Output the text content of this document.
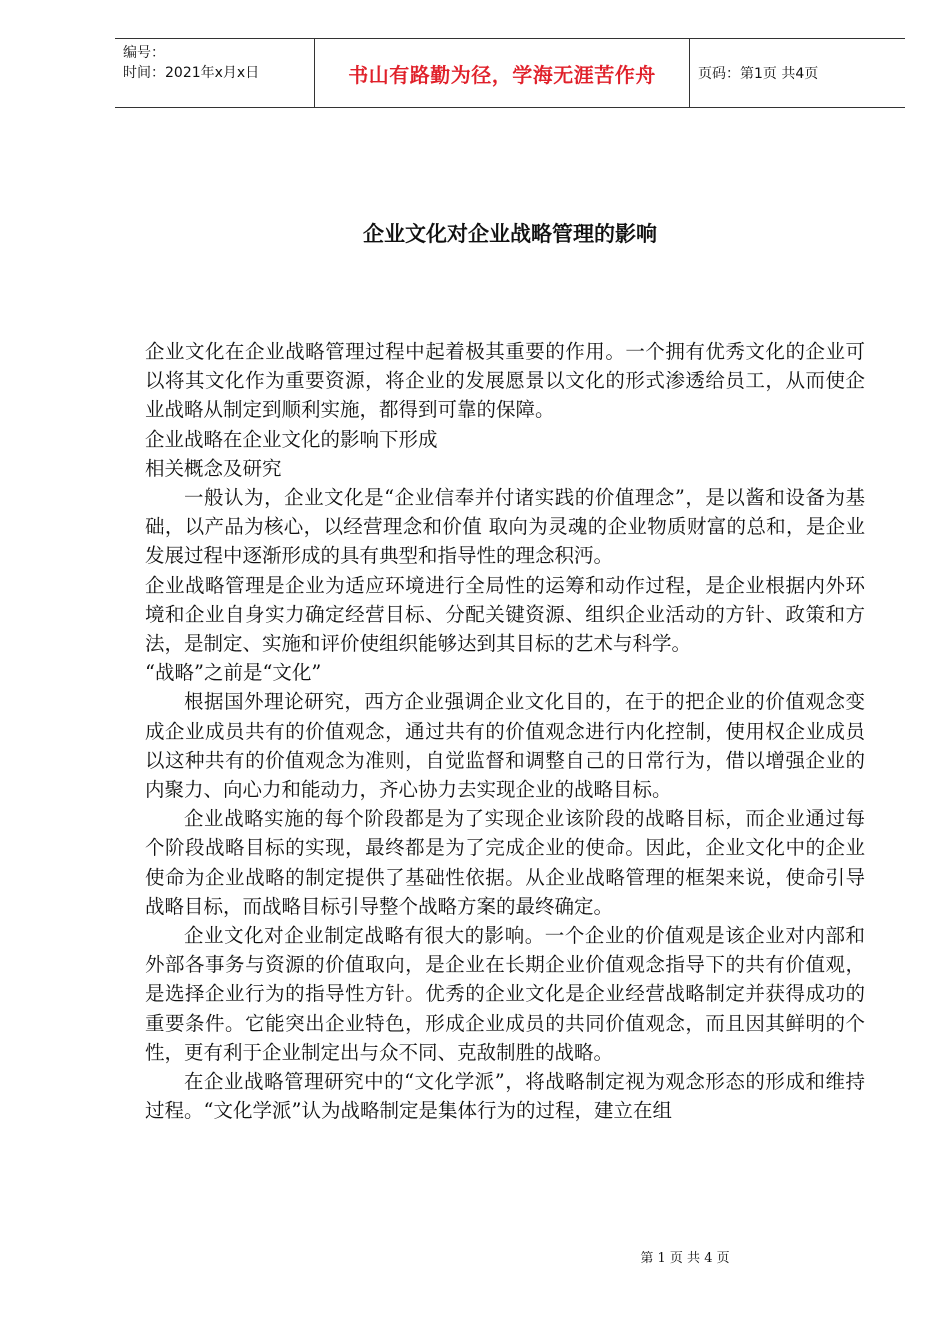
编号：
时间：2021年x月x日	书山有路勤为径，学海无涯苦作舟	页码：第1页 共4页
企业文化对企业战略管理的影响

企业文化在企业战略管理过程中起着极其重要的作用。一个拥有优秀文化的企业可以将其文化作为重要资源，将企业的发展愿景以文化的形式渗透给员工，从而使企业战略从制定到顺利实施，都得到可靠的保障。

企业战略在企业文化的影响下形成

相关概念及研究

一般认为，企业文化是“企业信奉并付诸实践的价值理念”，是以酱和设备为基础，以产品为核心，以经营理念和价值 取向为灵魂的企业物质财富的总和，是企业发展过程中逐渐形成的具有典型和指导性的理念积沔。

企业战略管理是企业为适应环境进行全局性的运筹和动作过程，是企业根据内外环境和企业自身实力确定经营目标、分配关键资源、组织企业活动的方针、政策和方法，是制定、实施和评价使组织能够达到其目标的艺术与科学。

“战略”之前是“文化”

根据国外理论研究，西方企业强调企业文化目的，在于的把企业的价值观念变成企业成员共有的价值观念，通过共有的价值观念进行内化控制，使用权企业成员以这种共有的价值观念为准则，自觉监督和调整自己的日常行为，借以增强企业的内聚力、向心力和能动力，齐心协力去实现企业的战略目标。

企业战略实施的每个阶段都是为了实现企业该阶段的战略目标，而企业通过每个阶段战略目标的实现，最终都是为了完成企业的使命。因此，企业文化中的企业使命为企业战略的制定提供了基础性依据。从企业战略管理的框架来说，使命引导战略目标，而战略目标引导整个战略方案的最终确定。

企业文化对企业制定战略有很大的影响。一个企业的价值观是该企业对内部和外部各事务与资源的价值取向，是企业在长期企业价值观念指导下的共有价值观，是选择企业行为的指导性方针。优秀的企业文化是企业经营战略制定并获得成功的重要条件。它能突出企业特色，形成企业成员的共同价值观念，而且因其鲜明的个性，更有利于企业制定出与众不同、克敌制胜的战略。

在企业战略管理研究中的“文化学派”，将战略制定视为观念形态的形成和维持过程。“文化学派”认为战略制定是集体行为的过程，建立在组

第 1 页 共 4 页
